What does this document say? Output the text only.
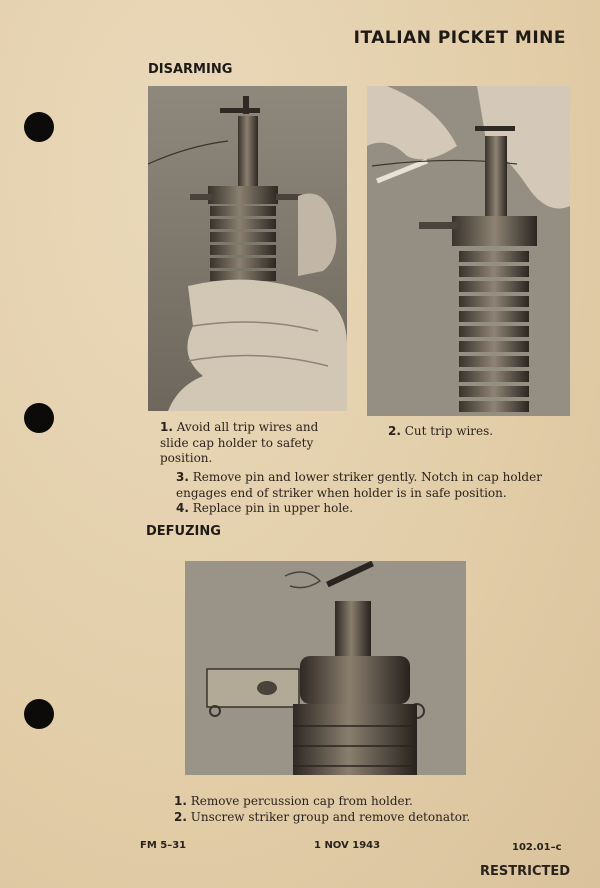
ITALIAN PICKET MINE
DISARMING
1. Avoid all trip wires and slide cap holder to safety position.
2. Cut trip wires.
3. Remove pin and lower striker gently. Notch in cap holder engages end of striker when holder is in safe position.
4. Replace pin in upper hole.
DEFUZING
1. Remove percussion cap from holder.
2. Unscrew striker group and remove detonator.
FM 5–31	1 NOV 1943	102.01–c
RESTRICTED
